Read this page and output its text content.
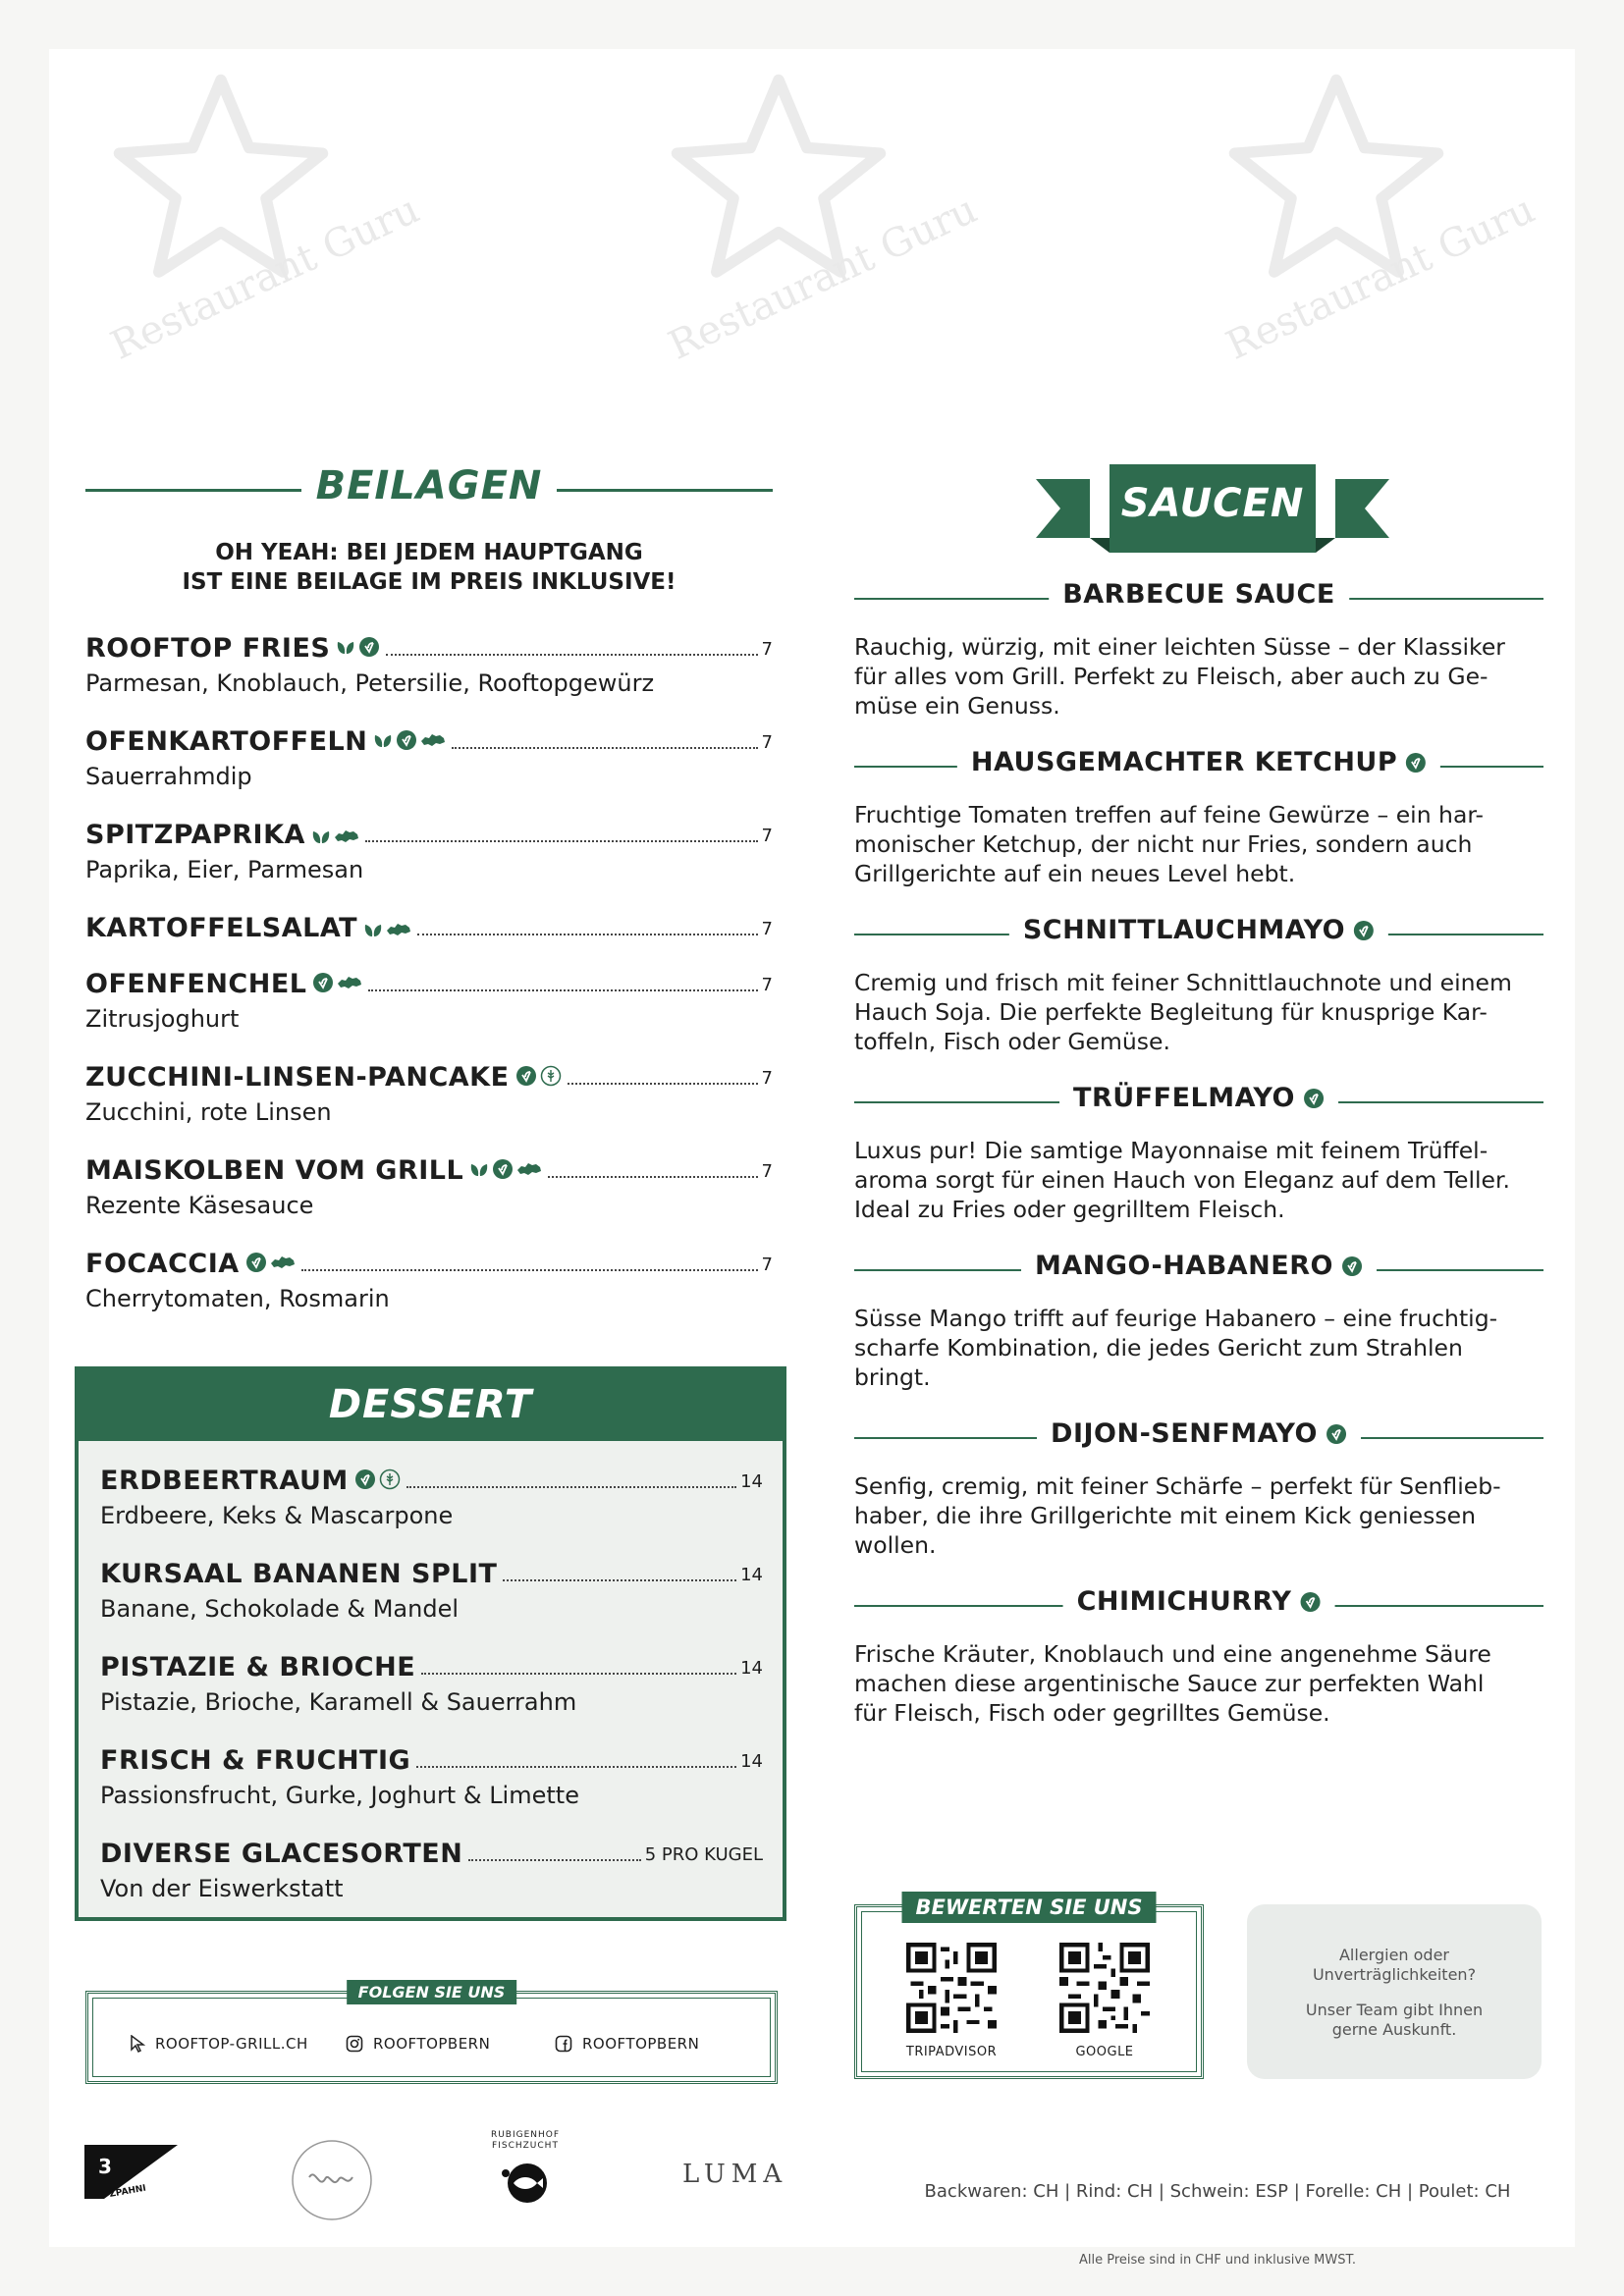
Restaurant Guru	Restaurant Guru	Restaurant Guru
BEILAGEN
OH YEAH: BEI JEDEM HAUPTGANG
IST EINE BEILAGE IM PREIS INKLUSIVE!
ROOFTOP FRIES	7
Parmesan, Knoblauch, Petersilie, Rooftopgewürz
OFENKARTOFFELN	7
Sauerrahmdip
SPITZPAPRIKA	7
Paprika, Eier, Parmesan
KARTOFFELSALAT	7
OFENFENCHEL	7
Zitrusjoghurt
ZUCCHINI-LINSEN-PANCAKE	7
Zucchini, rote Linsen
MAISKOLBEN VOM GRILL	7
Rezente Käsesauce
FOCACCIA	7
Cherrytomaten, Rosmarin
DESSERT
ERDBEERTRAUM	14
Erdbeere, Keks & Mascarpone
KURSAAL BANANEN SPLIT	14
Banane, Schokolade & Mandel
PISTAZIE & BRIOCHE	14
Pistazie, Brioche, Karamell & Sauerrahm
FRISCH & FRUCHTIG	14
Passionsfrucht, Gurke, Joghurt & Limette
DIVERSE GLACESORTEN	5 PRO KUGEL
Von der Eiswerkstatt
FOLGEN SIE UNS
ROOFTOP-GRILL.CH	ROOFTOPBERN	ROOFTOPBERN
SAUCEN
BARBECUE SAUCE
Rauchig, würzig, mit einer leichten Süsse – der Klassiker
für alles vom Grill. Perfekt zu Fleisch, aber auch zu Ge-
müse ein Genuss.
HAUSGEMACHTER KETCHUP
Fruchtige Tomaten treffen auf feine Gewürze – ein har-
monischer Ketchup, der nicht nur Fries, sondern auch
Grillgerichte auf ein neues Level hebt.
SCHNITTLAUCHMAYO
Cremig und frisch mit feiner Schnittlauchnote und einem
Hauch Soja. Die perfekte Begleitung für knusprige Kar-
toffeln, Fisch oder Gemüse.
TRÜFFELMAYO
Luxus pur! Die samtige Mayonnaise mit feinem Trüffel-
aroma sorgt für einen Hauch von Eleganz auf dem Teller.
Ideal zu Fries oder gegrilltem Fleisch.
MANGO-HABANERO
Süsse Mango trifft auf feurige Habanero – eine fruchtig-
scharfe Kombination, die jedes Gericht zum Strahlen
bringt.
DIJON-SENFMAYO
Senfig, cremig, mit feiner Schärfe – perfekt für Senflieb-
haber, die ihre Grillgerichte mit einem Kick geniessen
wollen.
CHIMICHURRY
Frische Kräuter, Knoblauch und eine angenehme Säure
machen diese argentinische Sauce zur perfekten Wahl
für Fleisch, Fisch oder gegrilltes Gemüse.
BEWERTEN SIE UNS
TRIPADVISOR	GOOGLE

Allergien oder
Unverträglichkeiten?

Unser Team gibt Ihnen
gerne Auskunft.

Backwaren: CH | Rind: CH | Schwein: ESP | Forelle: CH | Poulet: CH
Alle Preise sind in CHF und inklusive MWST.
3
ZPAHNI
RUBIGENHOF
FISCHZUCHT
LUMA
